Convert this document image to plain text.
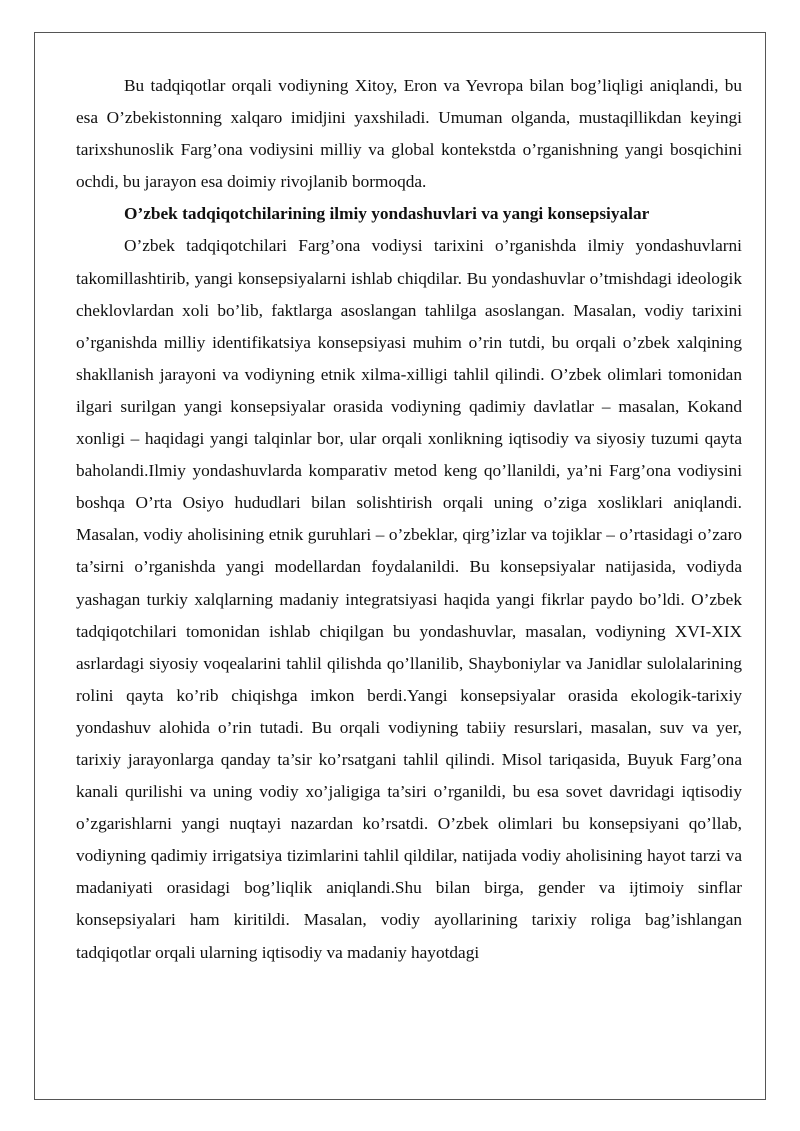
Bu tadqiqotlar orqali vodiyning Xitoy, Eron va Yevropa bilan bog’liqligi aniqlandi, bu esa O’zbekistonning xalqaro imidjini yaxshiladi. Umuman olganda, mustaqillikdan keyingi tarixshunoslik Farg’ona vodiysini milliy va global kontekstda o’rganishning yangi bosqichini ochdi, bu jarayon esa doimiy rivojlanib bormoqda.

O’zbek tadqiqotchilarining ilmiy yondashuvlari va yangi konsepsiyalar

O’zbek tadqiqotchilari Farg’ona vodiysi tarixini o’rganishda ilmiy yondashuvlarni takomillashtirib, yangi konsepsiyalarni ishlab chiqdilar. Bu yondashuvlar o’tmishdagi ideologik cheklovlardan xoli bo’lib, faktlarga asoslangan tahlilga asoslangan. Masalan, vodiy tarixini o’rganishda milliy identifikatsiya konsepsiyasi muhim o’rin tutdi, bu orqali o’zbek xalqining shakllanish jarayoni va vodiyning etnik xilma-xilligi tahlil qilindi. O’zbek olimlari tomonidan ilgari surilgan yangi konsepsiyalar orasida vodiyning qadimiy davlatlar – masalan, Kokand xonligi – haqidagi yangi talqinlar bor, ular orqali xonlikning iqtisodiy va siyosiy tuzumi qayta baholandi.Ilmiy yondashuvlarda komparativ metod keng qo’llanildi, ya’ni Farg’ona vodiysini boshqa O’rta Osiyo hududlari bilan solishtirish orqali uning o’ziga xosliklari aniqlandi. Masalan, vodiy aholisining etnik guruhlari – o’zbeklar, qirg’izlar va tojiklar – o’rtasidagi o’zaro ta’sirni o’rganishda yangi modellardan foydalanildi. Bu konsepsiyalar natijasida, vodiyda yashagan turkiy xalqlarning madaniy integratsiyasi haqida yangi fikrlar paydo bo’ldi. O’zbek tadqiqotchilari tomonidan ishlab chiqilgan bu yondashuvlar, masalan, vodiyning XVI-XIX asrlardagi siyosiy voqealarini tahlil qilishda qo’llanilib, Shayboniylar va Janidlar sulolalarining rolini qayta ko’rib chiqishga imkon berdi.Yangi konsepsiyalar orasida ekologik-tarixiy yondashuv alohida o’rin tutadi. Bu orqali vodiyning tabiiy resurslari, masalan, suv va yer, tarixiy jarayonlarga qanday ta’sir ko’rsatgani tahlil qilindi. Misol tariqasida, Buyuk Farg’ona kanali qurilishi va uning vodiy xo’jaligiga ta’siri o’rganildi, bu esa sovet davridagi iqtisodiy o’zgarishlarni yangi nuqtayi nazardan ko’rsatdi. O’zbek olimlari bu konsepsiyani qo’llab, vodiyning qadimiy irrigatsiya tizimlarini tahlil qildilar, natijada vodiy aholisining hayot tarzi va madaniyati orasidagi bog’liqlik aniqlandi.Shu bilan birga, gender va ijtimoiy sinflar konsepsiyalari ham kiritildi. Masalan, vodiy ayollarining tarixiy roliga bag’ishlangan tadqiqotlar orqali ularning iqtisodiy va madaniy hayotdagi
